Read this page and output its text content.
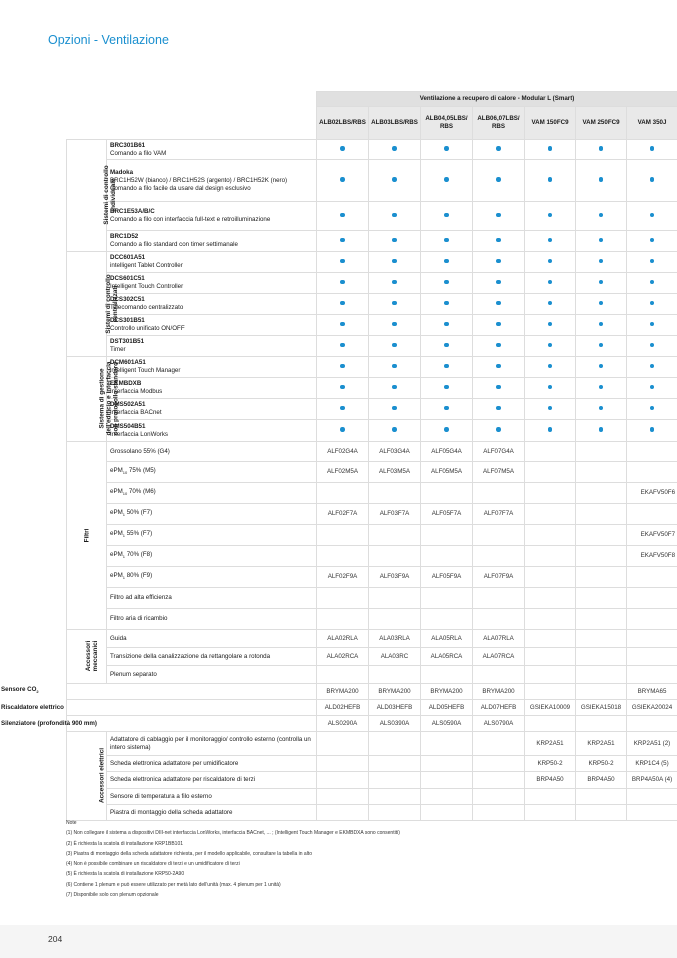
Opzioni - Ventilazione
	Ventilazione a recupero di calore - Modular L (Smart)
	ALB02LBS/RBS	ALB03LBS/RBS	ALB04,05LBS/ RBS	ALB06,07LBS/ RBS	VAM 150FC9	VAM 250FC9	VAM 350J
Sistemi di controllo individuale	BRC301B61
Comando a filo VAM							
Madoka
BRC1H52W (bianco) / BRC1H52S (argento) / BRC1H52K (nero)
Comando a filo facile da usare dal design esclusivo							
BRC1E53A/B/C
Comando a filo con interfaccia full-text e retroilluminazione							
BRC1D52
Comando a filo standard con timer settimanale							
Sistemi di controllo centralizzati	DCC601A51
intelligent Tablet Controller							
DCS601C51
Intelligent Touch Controller							
DCS302C51
Telecomando centralizzato							
DCS301B51
Controllo unificato ON/OFF							
DST301B51
Timer							
Sistema di gestione dell'edificio e interfaccia con protocollo standard	DCM601A51
intelligent Touch Manager							
EKMBDXB
Interfaccia Modbus							
DMS502A51
Interfaccia BACnet							
DMS504B51
Interfaccia LonWorks							
Filtri	Grossolano 55% (G4)	ALF02G4A	ALF03G4A	ALF05G4A	ALF07G4A			
ePM$_{10}$ 75% (M5)	ALF02M5A	ALF03M5A	ALF05M5A	ALF07M5A			
ePM$_{10}$ 70% (M6)							EKAFV50F6
ePM$_1$ 50% (F7)	ALF02F7A	ALF03F7A	ALF05F7A	ALF07F7A			
ePM$_1$ 55% (F7)							EKAFV50F7
ePM$_1$ 70% (F8)							EKAFV50F8
ePM$_1$ 80% (F9)	ALF02F9A	ALF03F9A	ALF05F9A	ALF07F9A			
Filtro ad alta efficienza							
Filtro aria di ricambio							
Accessori meccanici	Guida	ALA02RLA	ALA03RLA	ALA05RLA	ALA07RLA			
Transizione della canalizzazione da rettangolare a rotonda	ALA02RCA	ALA03RC	ALA05RCA	ALA07RCA			
Plenum separato							
Sensore $CO_2$	BRYMA200	BRYMA200	BRYMA200	BRYMA200			BRYMA65
Riscaldatore elettrico	ALD02HEFB	ALD03HEFB	ALD05HEFB	ALD07HEFB	GSIEKA10009	GSIEKA15018	GSIEKA20024
Silenziatore (profondità 900 mm)	ALS0290A	ALS0390A	ALS0590A	ALS0790A			
Accessori elettrici	Adattatore di cablaggio per il monitoraggio/ controllo esterno (controlla un intero sistema)					KRP2A51	KRP2A51	KRP2A51 (2)
Scheda elettronica adattatore per umidificatore					KRP50-2	KRP50-2	KRP1C4 (5)
Scheda elettronica adattatore per riscaldatore di terzi					BRP4A50	BRP4A50	BRP4A50A (4)
Sensore di temperatura a filo esterno							
Piastra di montaggio della scheda adattatore							
Note
(1) Non collegare il sistema a dispositivi DIII-net interfaccia LonWorks, interfaccia BACnet, ... ; (Intelligent Touch Manager e EKMBDXA sono consentiti)
(2) È richiesta la scatola di installazione KRP1BB101
(3) Piastra di montaggio della scheda adattatore richiesta, per il modello applicabile, consultare la tabella in alto
(4) Non è possibile combinare un riscaldatore di terzi e un umidificatore di terzi
(5) È richiesta la scatola di installazione KRP50-2A90
(6) Contiene 1 plenum e può essere utilizzato per metà lato dell'unità (max. 4 plenum per 1 unità)
(7) Disponibile solo con plenum opzionale
204
